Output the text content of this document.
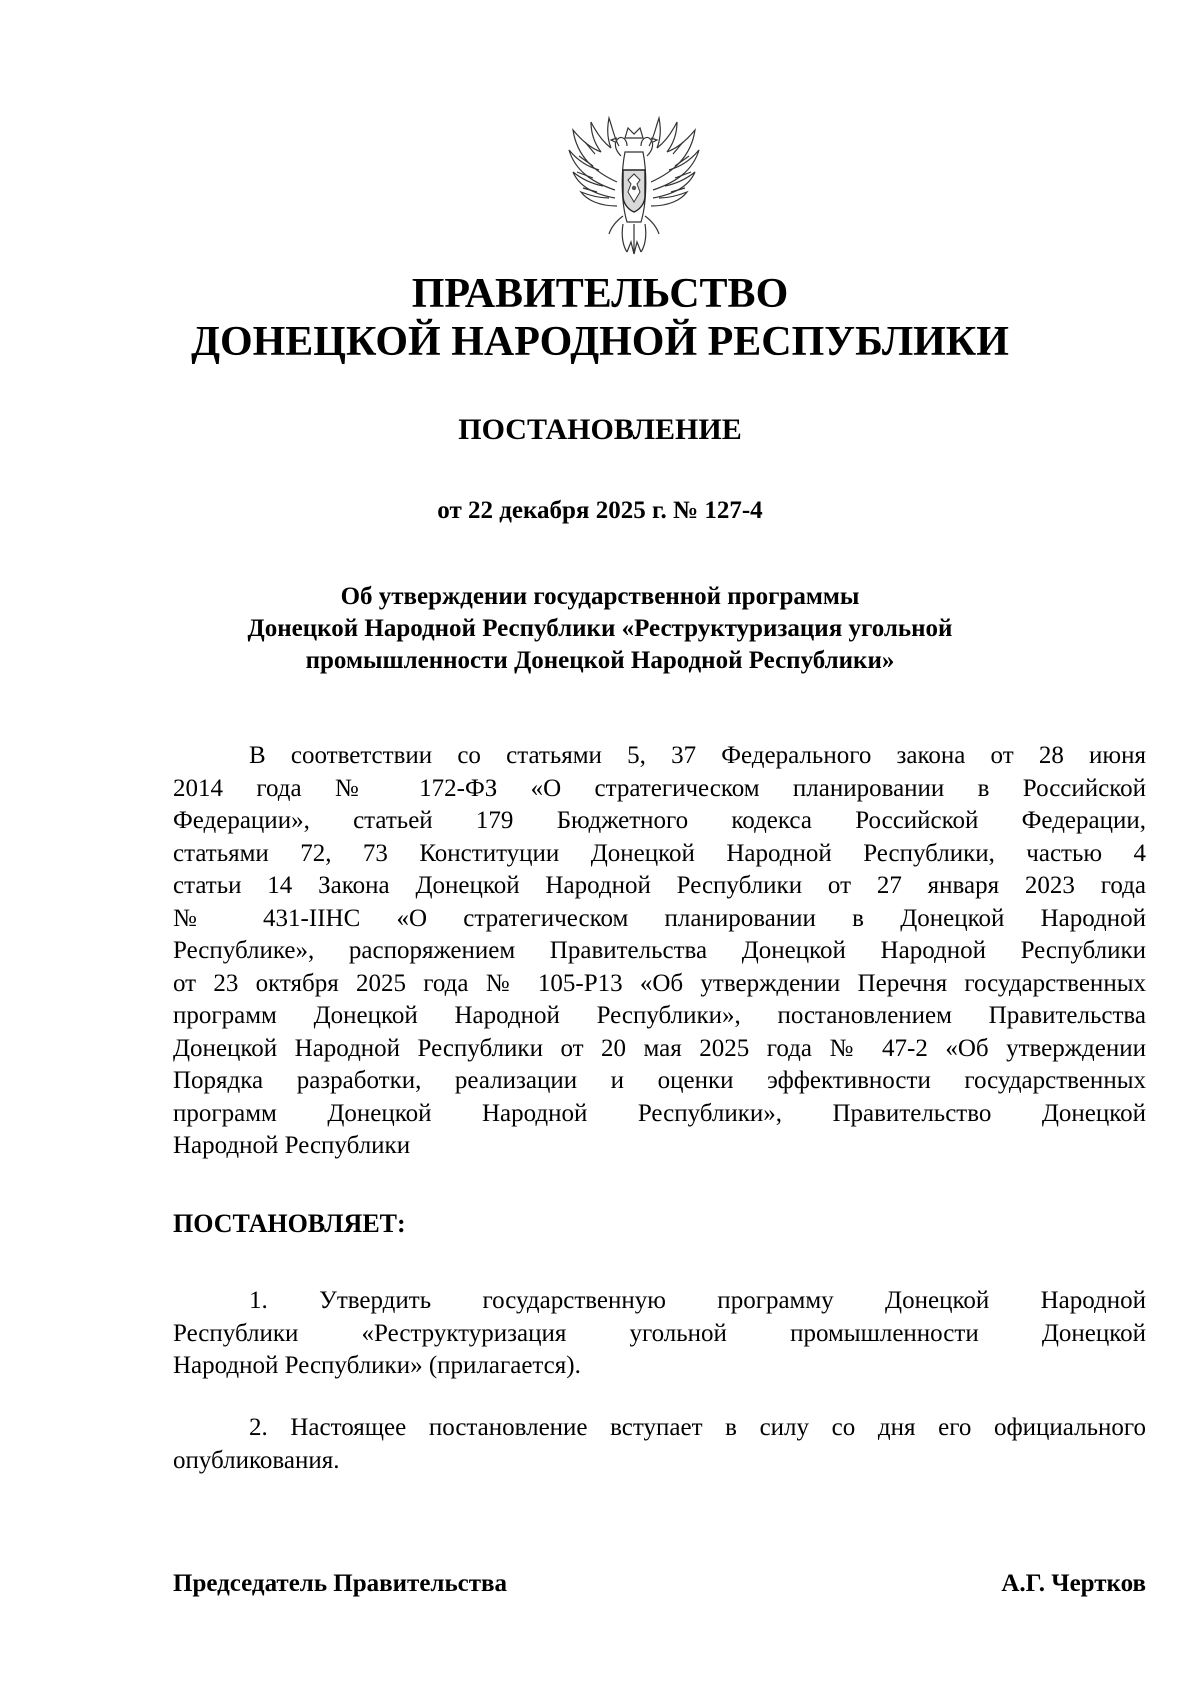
ПРАВИТЕЛЬСТВО
ДОНЕЦКОЙ НАРОДНОЙ РЕСПУБЛИКИ
ПОСТАНОВЛЕНИЕ
от 22 декабря 2025 г. № 127-4
Об утверждении государственной программы
Донецкой Народной Республики «Реструктуризация угольной
промышленности Донецкой Народной Республики»
В соответствии со статьями 5, 37 Федерального закона от 28 июня
2014 года № 172-ФЗ «О стратегическом планировании в Российской
Федерации», статьей 179 Бюджетного кодекса Российской Федерации,
статьями 72, 73 Конституции Донецкой Народной Республики, частью 4
статьи 14 Закона Донецкой Народной Республики от 27 января 2023 года
№ 431-IIНС «О стратегическом планировании в Донецкой Народной
Республике», распоряжением Правительства Донецкой Народной Республики
от 23 октября 2025 года № 105-Р13 «Об утверждении Перечня государственных
программ Донецкой Народной Республики», постановлением Правительства
Донецкой Народной Республики от 20 мая 2025 года № 47-2 «Об утверждении
Порядка разработки, реализации и оценки эффективности государственных
программ Донецкой Народной Республики», Правительство Донецкой
Народной Республики
ПОСТАНОВЛЯЕТ:
1. Утвердить государственную программу Донецкой Народной
Республики «Реструктуризация угольной промышленности Донецкой
Народной Республики» (прилагается).
2. Настоящее постановление вступает в силу со дня его официального
опубликования.
Председатель Правительства	А.Г. Чертков
